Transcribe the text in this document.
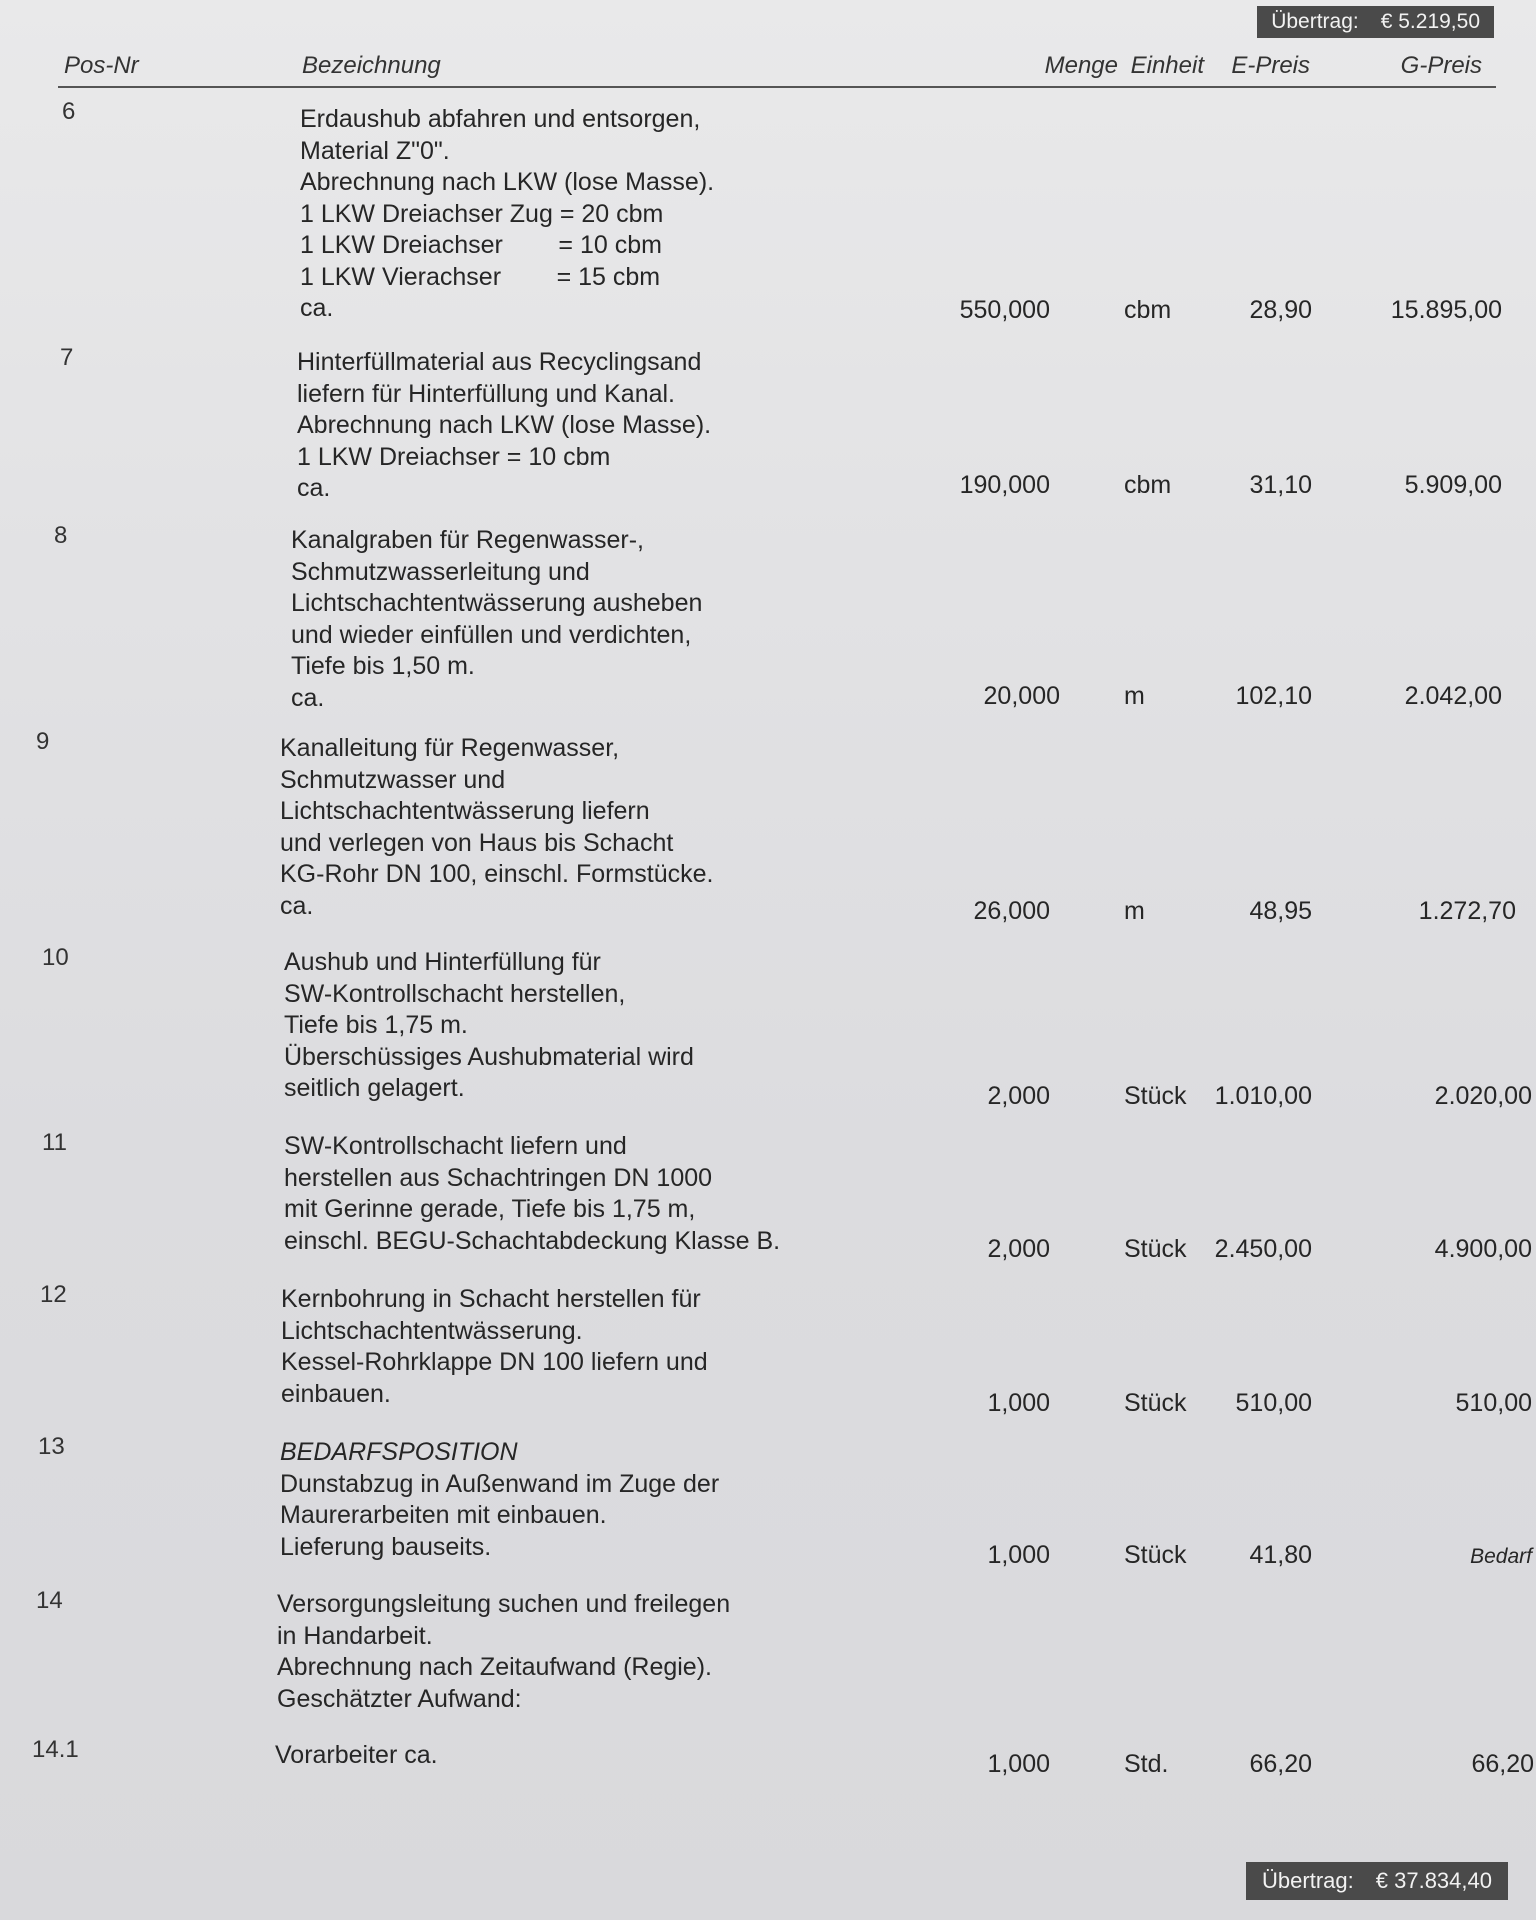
Übertrag: € 5.219,50
Pos-Nr	Bezeichnung	Menge Einheit E-Preis	G-Preis
6	Erdaushub abfahren und entsorgen,
Material Z"0".
Abrechnung nach LKW (lose Masse).
1 LKW Dreiachser Zug = 20 cbm
1 LKW Dreiachser        = 10 cbm
1 LKW Vierachser        = 15 cbm
ca.	550,000	cbm	28,90	15.895,00
7	Hinterfüllmaterial aus Recyclingsand
liefern für Hinterfüllung und Kanal.
Abrechnung nach LKW (lose Masse).
1 LKW Dreiachser = 10 cbm
ca.	190,000	cbm	31,10	5.909,00
8	Kanalgraben für Regenwasser-,
Schmutzwasserleitung und
Lichtschachtentwässerung ausheben
und wieder einfüllen und verdichten,
Tiefe bis 1,50 m.
ca.	20,000	m	102,10	2.042,00
9	Kanalleitung für Regenwasser,
Schmutzwasser und
Lichtschachtentwässerung liefern
und verlegen von Haus bis Schacht
KG-Rohr DN 100, einschl. Formstücke.
ca.	26,000	m	48,95	1.272,70
10	Aushub und Hinterfüllung für
SW-Kontrollschacht herstellen,
Tiefe bis 1,75 m.
Überschüssiges Aushubmaterial wird
seitlich gelagert.	2,000	Stück	1.010,00	2.020,00
11	SW-Kontrollschacht liefern und
herstellen aus Schachtringen DN 1000
mit Gerinne gerade, Tiefe bis 1,75 m,
einschl. BEGU-Schachtabdeckung Klasse B.	2,000	Stück	2.450,00	4.900,00
12	Kernbohrung in Schacht herstellen für
Lichtschachtentwässerung.
Kessel-Rohrklappe DN 100 liefern und
einbauen.	1,000	Stück	510,00	510,00
13	BEDARFSPOSITION
Dunstabzug in Außenwand im Zuge der
Maurerarbeiten mit einbauen.
Lieferung bauseits.	1,000	Stück	41,80	Bedarf
14	Versorgungsleitung suchen und freilegen
in Handarbeit.
Abrechnung nach Zeitaufwand (Regie).
Geschätzter Aufwand:
14.1	Vorarbeiter ca.	1,000	Std.	66,20	66,20
Übertrag: € 37.834,40
